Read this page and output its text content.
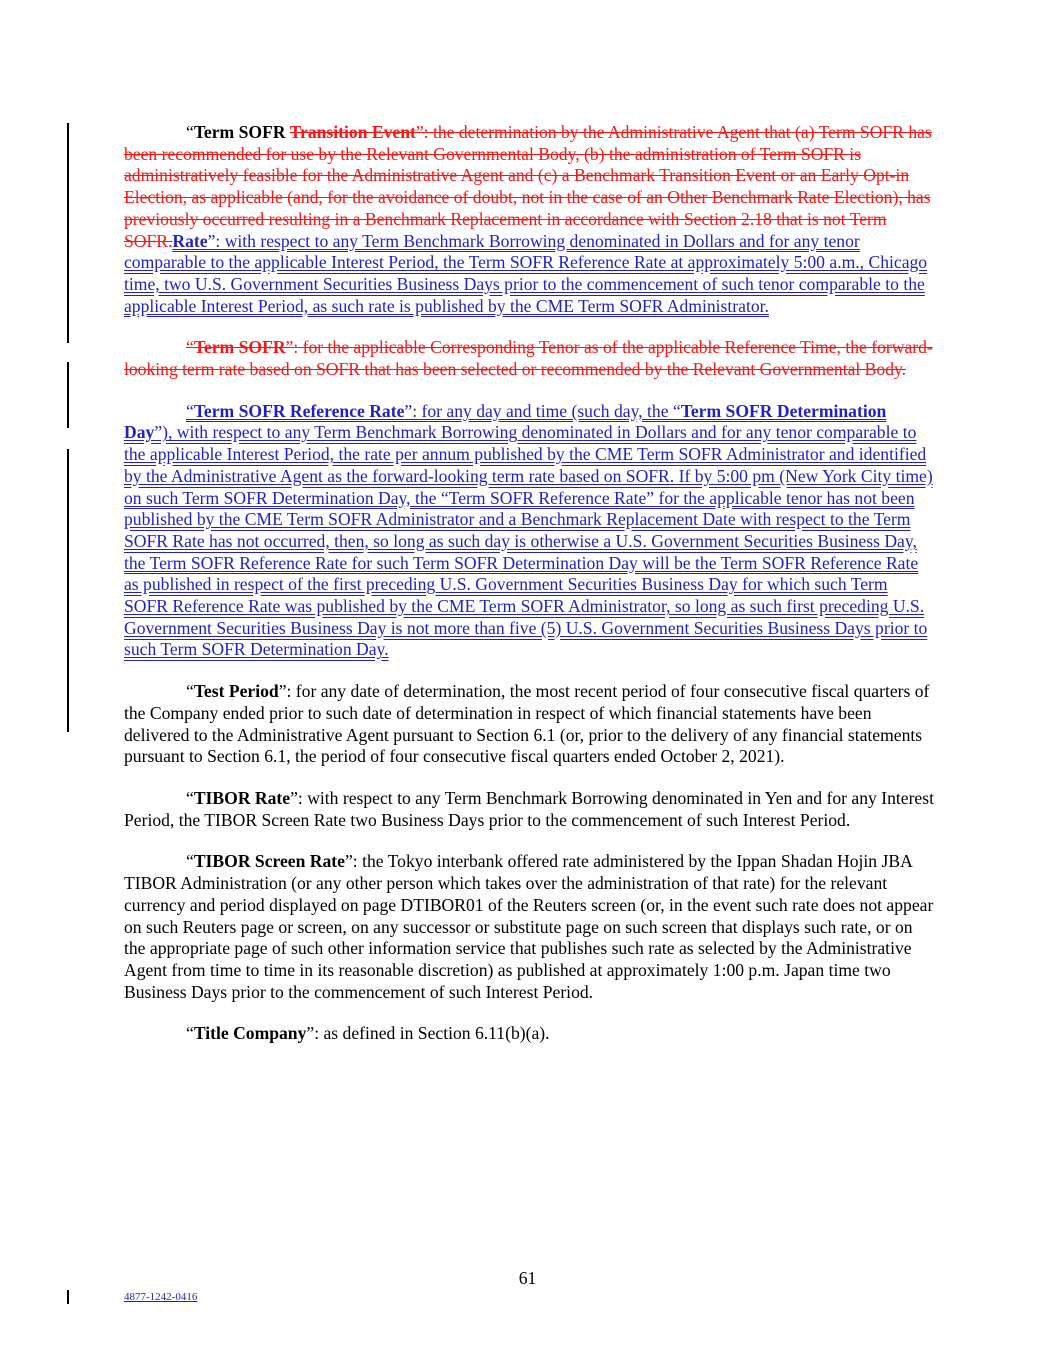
“Term SOFR Transition Event”: the determination by the Administrative Agent that (a) Term SOFR has been recommended for use by the Relevant Governmental Body, (b) the administration of Term SOFR is administratively feasible for the Administrative Agent and (c) a Benchmark Transition Event or an Early Opt-in Election, as applicable (and, for the avoidance of doubt, not in the case of an Other Benchmark Rate Election), has previously occurred resulting in a Benchmark Replacement in accordance with Section 2.18 that is not Term SOFR.Rate”: with respect to any Term Benchmark Borrowing denominated in Dollars and for any tenor comparable to the applicable Interest Period, the Term SOFR Reference Rate at approximately 5:00 a.m., Chicago time, two U.S. Government Securities Business Days prior to the commencement of such tenor comparable to the applicable Interest Period, as such rate is published by the CME Term SOFR Administrator.

“Term SOFR”: for the applicable Corresponding Tenor as of the applicable Reference Time, the forward-looking term rate based on SOFR that has been selected or recommended by the Relevant Governmental Body.

“Term SOFR Reference Rate”: for any day and time (such day, the “Term SOFR Determination Day”), with respect to any Term Benchmark Borrowing denominated in Dollars and for any tenor comparable to the applicable Interest Period, the rate per annum published by the CME Term SOFR Administrator and identified by the Administrative Agent as the forward-looking term rate based on SOFR. If by 5:00 pm (New York City time) on such Term SOFR Determination Day, the “Term SOFR Reference Rate” for the applicable tenor has not been published by the CME Term SOFR Administrator and a Benchmark Replacement Date with respect to the Term SOFR Rate has not occurred, then, so long as such day is otherwise a U.S. Government Securities Business Day, the Term SOFR Reference Rate for such Term SOFR Determination Day will be the Term SOFR Reference Rate as published in respect of the first preceding U.S. Government Securities Business Day for which such Term SOFR Reference Rate was published by the CME Term SOFR Administrator, so long as such first preceding U.S. Government Securities Business Day is not more than five (5) U.S. Government Securities Business Days prior to such Term SOFR Determination Day.

“Test Period”: for any date of determination, the most recent period of four consecutive fiscal quarters of the Company ended prior to such date of determination in respect of which financial statements have been delivered to the Administrative Agent pursuant to Section 6.1 (or, prior to the delivery of any financial statements pursuant to Section 6.1, the period of four consecutive fiscal quarters ended October 2, 2021).

“TIBOR Rate”: with respect to any Term Benchmark Borrowing denominated in Yen and for any Interest Period, the TIBOR Screen Rate two Business Days prior to the commencement of such Interest Period.

“TIBOR Screen Rate”: the Tokyo interbank offered rate administered by the Ippan Shadan Hojin JBA TIBOR Administration (or any other person which takes over the administration of that rate) for the relevant currency and period displayed on page DTIBOR01 of the Reuters screen (or, in the event such rate does not appear on such Reuters page or screen, on any successor or substitute page on such screen that displays such rate, or on the appropriate page of such other information service that publishes such rate as selected by the Administrative Agent from time to time in its reasonable discretion) as published at approximately 1:00 p.m. Japan time two Business Days prior to the commencement of such Interest Period.

“Title Company”: as defined in Section 6.11(b)(a).

61
4877-1242-0416
